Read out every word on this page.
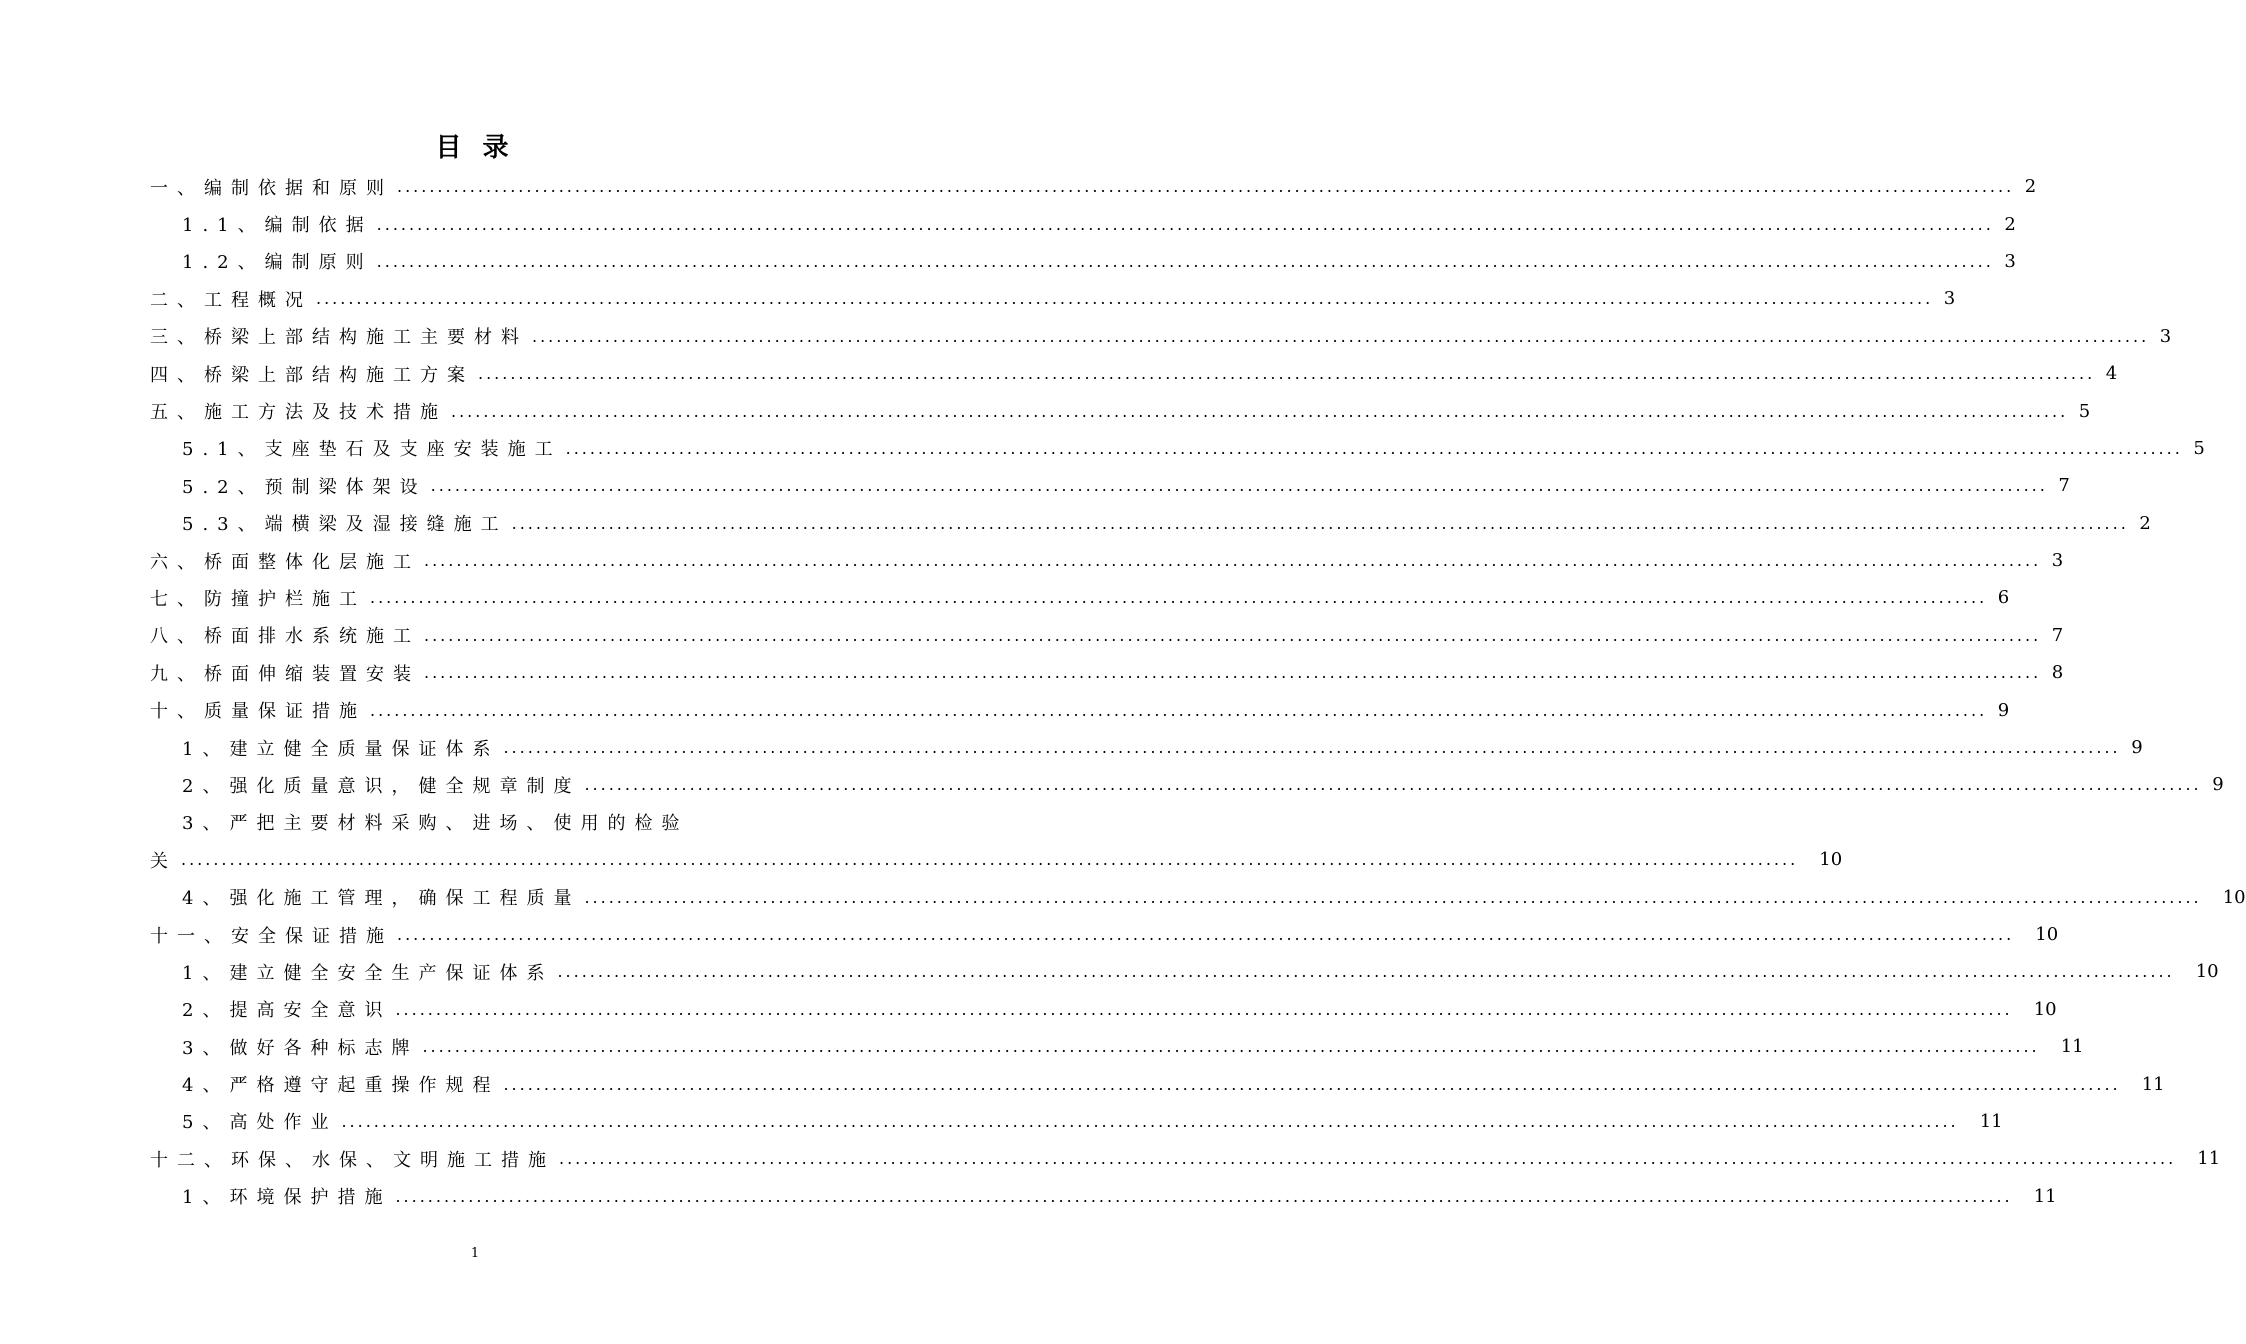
目 录
一、编制依据和原则 ........................................................................................................................................................................................................ 2
1.1、编制依据 ........................................................................................................................................................................................................ 2
1.2、编制原则 ........................................................................................................................................................................................................ 3
二、工程概况 ........................................................................................................................................................................................................ 3
三、桥梁上部结构施工主要材料 ........................................................................................................................................................................................................ 3
四、桥梁上部结构施工方案 ........................................................................................................................................................................................................ 4
五、施工方法及技术措施 ........................................................................................................................................................................................................ 5
5.1、支座垫石及支座安装施工 ........................................................................................................................................................................................................ 5
5.2、预制梁体架设 ........................................................................................................................................................................................................ 7
5.3、端横梁及湿接缝施工 ........................................................................................................................................................................................................ 2
六、桥面整体化层施工 ........................................................................................................................................................................................................ 3
七、防撞护栏施工 ........................................................................................................................................................................................................ 6
八、桥面排水系统施工 ........................................................................................................................................................................................................ 7
九、桥面伸缩装置安装 ........................................................................................................................................................................................................ 8
十、质量保证措施 ........................................................................................................................................................................................................ 9
1、建立健全质量保证体系 ........................................................................................................................................................................................................ 9
2、强化质量意识，健全规章制度 ........................................................................................................................................................................................................ 9
3、严把主要材料采购、进场、使用的检验
关 ........................................................................................................................................................................................................	10
4、强化施工管理，确保工程质量 ........................................................................................................................................................................................................	10
十一、安全保证措施 ........................................................................................................................................................................................................	10
1、建立健全安全生产保证体系 ........................................................................................................................................................................................................	10
2、提高安全意识 ........................................................................................................................................................................................................	10
3、做好各种标志牌 ........................................................................................................................................................................................................	11
4、严格遵守起重操作规程 ........................................................................................................................................................................................................	11
5、高处作业 ........................................................................................................................................................................................................	11
十二、环保、水保、文明施工措施 ........................................................................................................................................................................................................	11
1、环境保护措施 ........................................................................................................................................................................................................	11
1
